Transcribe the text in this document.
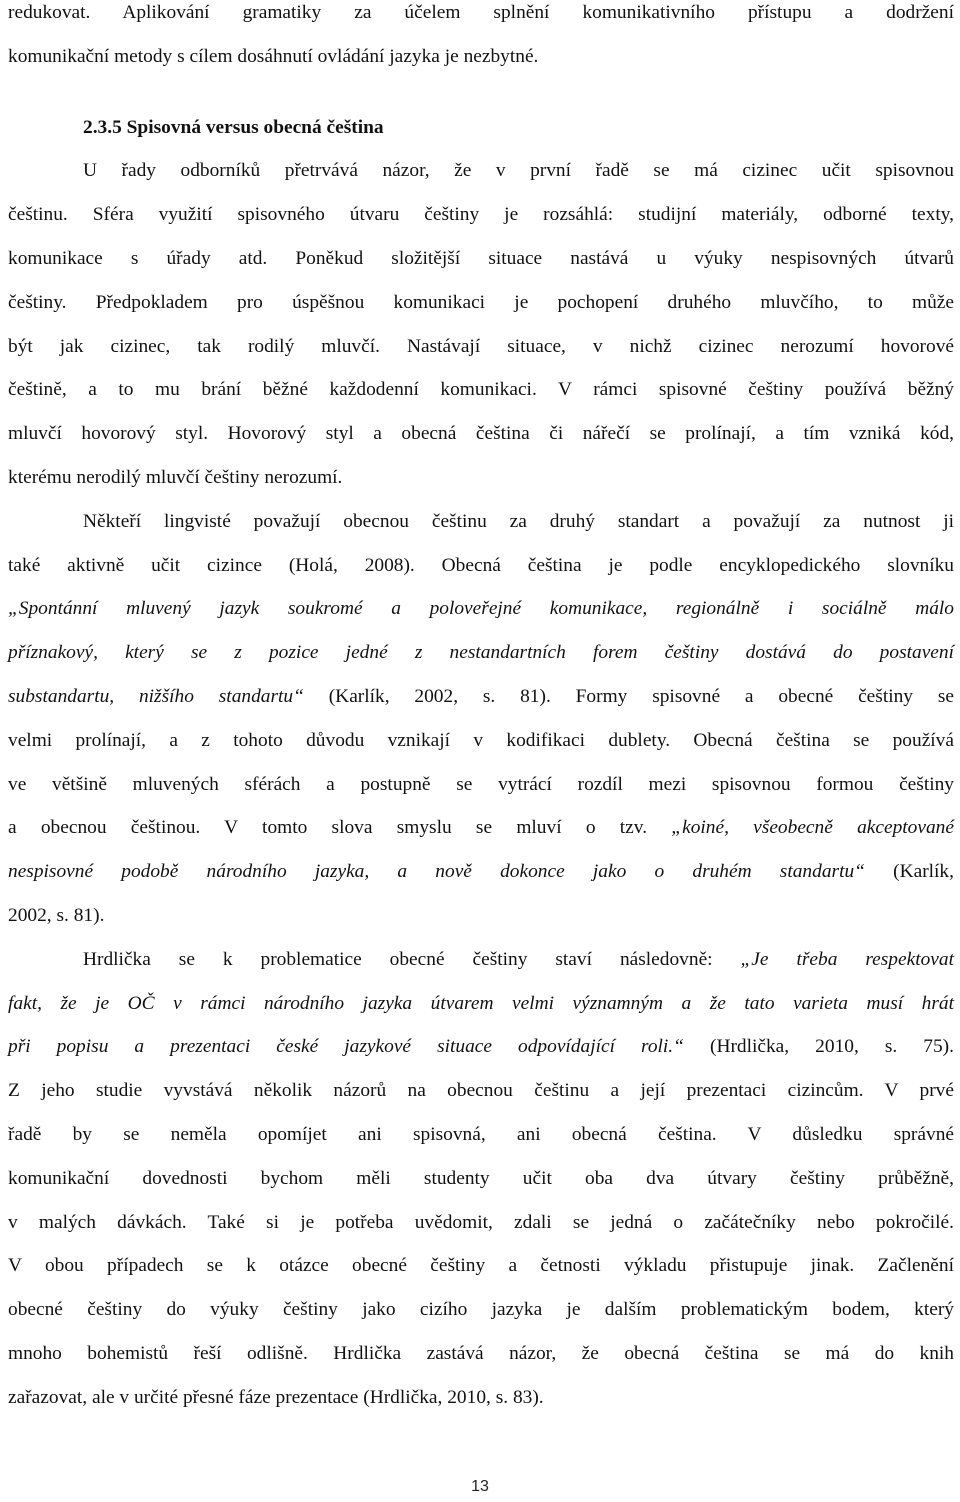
redukovat. Aplikování gramatiky za účelem splnění komunikativního přístupu a dodržení
komunikační metody s cílem dosáhnutí ovládání jazyka je nezbytné.
2.3.5 Spisovná versus obecná čeština
U řady odborníků přetrvává názor, že v první řadě se má cizinec učit spisovnou
češtinu. Sféra využití spisovného útvaru češtiny je rozsáhlá: studijní materiály, odborné texty,
komunikace s úřady atd. Poněkud složitější situace nastává u výuky nespisovných útvarů
češtiny. Předpokladem pro úspěšnou komunikaci je pochopení druhého mluvčího, to může
být jak cizinec, tak rodilý mluvčí. Nastávají situace, v nichž cizinec nerozumí hovorové
češtině, a to mu brání běžné každodenní komunikaci. V rámci spisovné češtiny používá běžný
mluvčí hovorový styl. Hovorový styl a obecná čeština či nářečí se prolínají, a tím vzniká kód,
kterému nerodilý mluvčí češtiny nerozumí.
Někteří lingvisté považují obecnou češtinu za druhý standart a považují za nutnost ji
také aktivně učit cizince (Holá, 2008). Obecná čeština je podle encyklopedického slovníku
„Spontánní mluvený jazyk soukromé a poloveřejné komunikace, regionálně i sociálně málo
příznakový, který se z pozice jedné z nestandartních forem češtiny dostává do postavení
substandartu, nižšího standartu“ (Karlík, 2002, s. 81). Formy spisovné a obecné češtiny se
velmi prolínají, a z tohoto důvodu vznikají v kodifikaci dublety. Obecná čeština se používá
ve většině mluvených sférách a postupně se vytrácí rozdíl mezi spisovnou formou češtiny
a obecnou češtinou. V tomto slova smyslu se mluví o tzv. „koiné, všeobecně akceptované
nespisovné podobě národního jazyka, a nově dokonce jako o druhém standartu“ (Karlík,
2002, s. 81).
Hrdlička se k problematice obecné češtiny staví následovně: „Je třeba respektovat
fakt, že je OČ v rámci národního jazyka útvarem velmi významným a že tato varieta musí hrát
při popisu a prezentaci české jazykové situace odpovídající roli.“ (Hrdlička, 2010, s. 75).
Z jeho studie vyvstává několik názorů na obecnou češtinu a její prezentaci cizincům. V prvé
řadě by se neměla opomíjet ani spisovná, ani obecná čeština. V důsledku správné
komunikační dovednosti bychom měli studenty učit oba dva útvary češtiny průběžně,
v malých dávkách. Také si je potřeba uvědomit, zdali se jedná o začátečníky nebo pokročilé.
V obou případech se k otázce obecné češtiny a četnosti výkladu přistupuje jinak. Začlenění
obecné češtiny do výuky češtiny jako cizího jazyka je dalším problematickým bodem, který
mnoho bohemistů řeší odlišně. Hrdlička zastává názor, že obecná čeština se má do knih
zařazovat, ale v určité přesné fáze prezentace (Hrdlička, 2010, s. 83).
13
